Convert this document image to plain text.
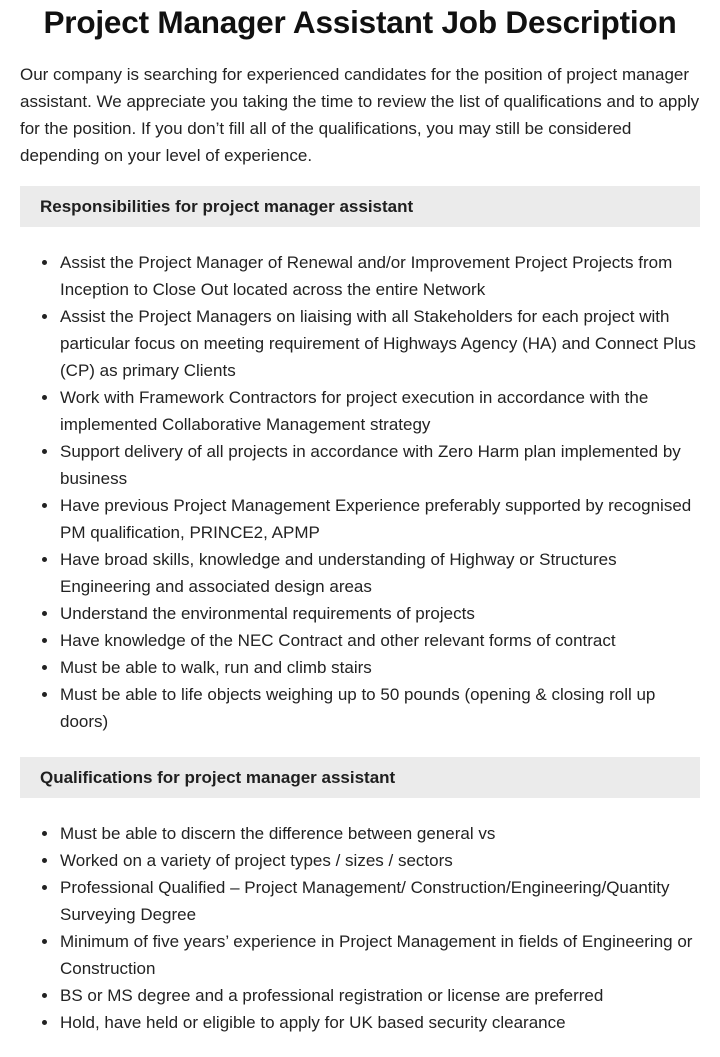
Project Manager Assistant Job Description

Our company is searching for experienced candidates for the position of project manager assistant. We appreciate you taking the time to review the list of qualifications and to apply for the position. If you don’t fill all of the qualifications, you may still be considered depending on your level of experience.

Responsibilities for project manager assistant
Assist the Project Manager of Renewal and/or Improvement Project Projects from Inception to Close Out located across the entire Network
Assist the Project Managers on liaising with all Stakeholders for each project with particular focus on meeting requirement of Highways Agency (HA) and Connect Plus (CP) as primary Clients
Work with Framework Contractors for project execution in accordance with the implemented Collaborative Management strategy
Support delivery of all projects in accordance with Zero Harm plan implemented by business
Have previous Project Management Experience preferably supported by recognised PM qualification, PRINCE2, APMP
Have broad skills, knowledge and understanding of Highway or Structures Engineering and associated design areas
Understand the environmental requirements of projects
Have knowledge of the NEC Contract and other relevant forms of contract
Must be able to walk, run and climb stairs
Must be able to life objects weighing up to 50 pounds (opening & closing roll up doors)
Qualifications for project manager assistant
Must be able to discern the difference between general vs
Worked on a variety of project types / sizes / sectors
Professional Qualified – Project Management/ Construction/Engineering/Quantity Surveying Degree
Minimum of five years’ experience in Project Management in fields of Engineering or Construction
BS or MS degree and a professional registration or license are preferred
Hold, have held or eligible to apply for UK based security clearance
